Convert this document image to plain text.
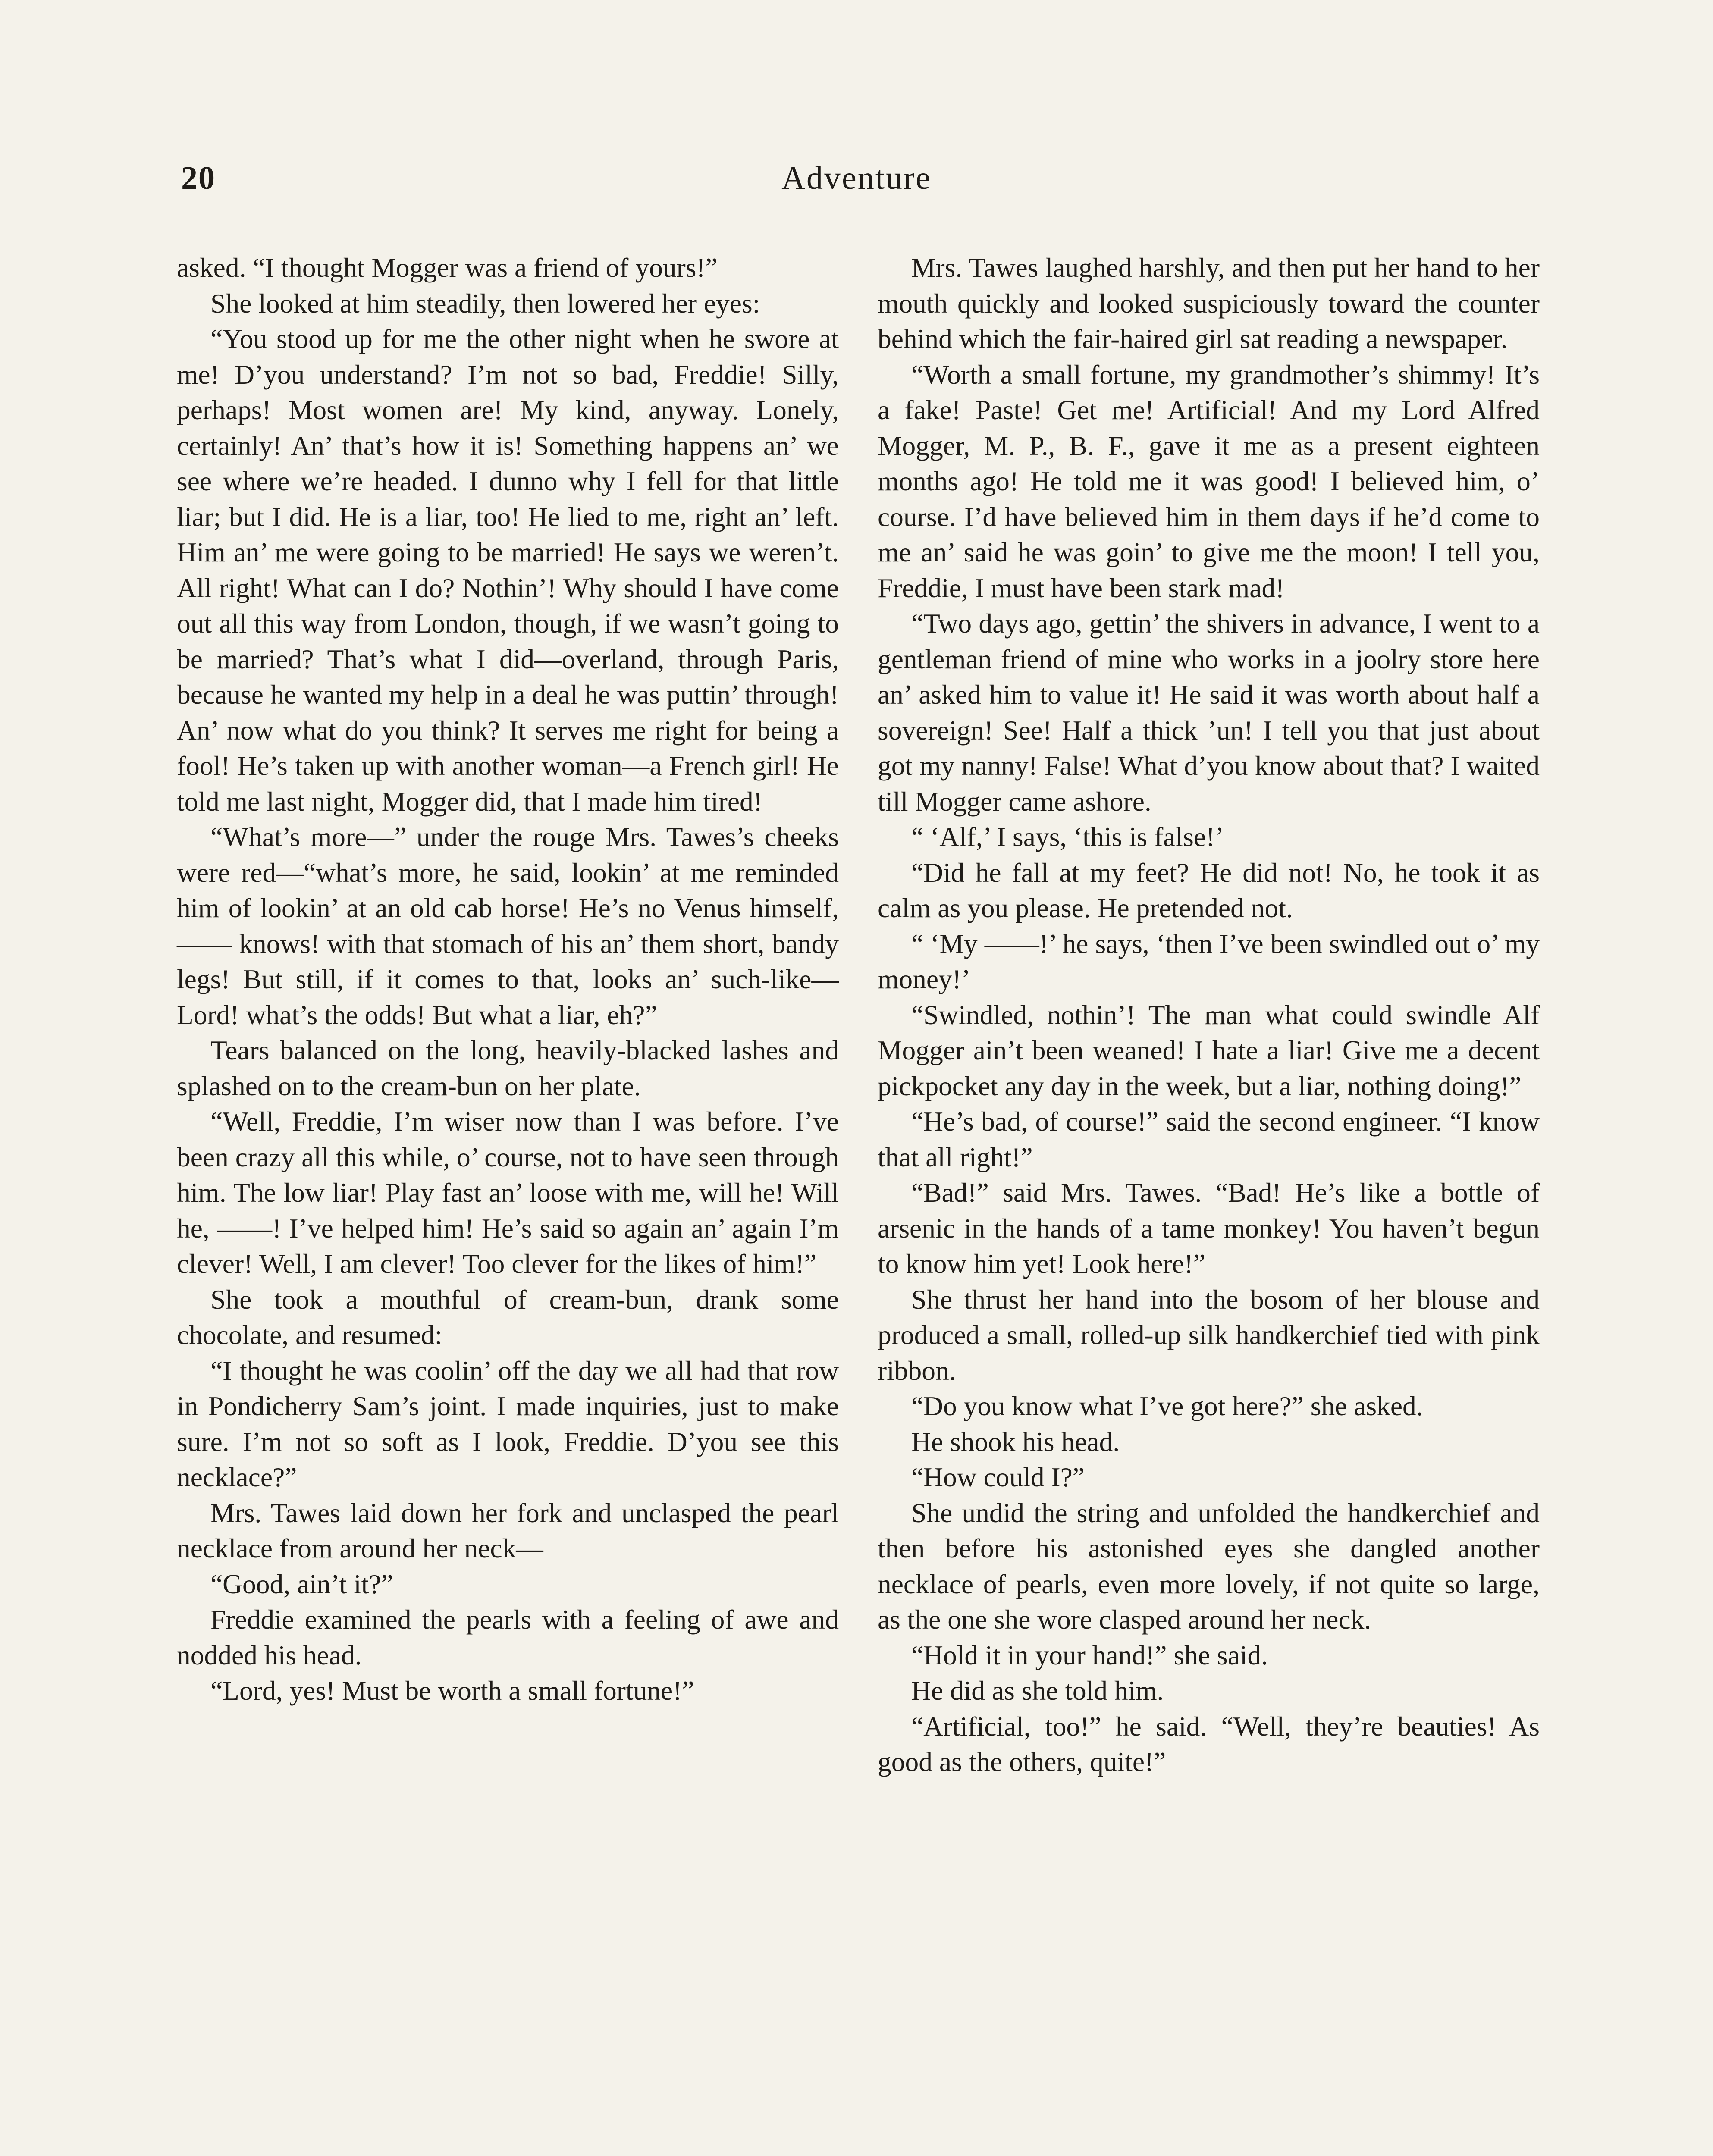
20	Adventure

asked. “I thought Mogger was a friend of yours!”

She looked at him steadily, then lowered her eyes:

“You stood up for me the other night when he swore at me! D’you understand? I’m not so bad, Freddie! Silly, perhaps! Most women are! My kind, anyway. Lonely, certainly! An’ that’s how it is! Something happens an’ we see where we’re headed. I dunno why I fell for that little liar; but I did. He is a liar, too! He lied to me, right an’ left. Him an’ me were going to be married! He says we weren’t. All right! What can I do? Nothin’! Why should I have come out all this way from London, though, if we wasn’t going to be married? That’s what I did—overland, through Paris, because he wanted my help in a deal he was puttin’ through! An’ now what do you think? It serves me right for being a fool! He’s taken up with another woman—a French girl! He told me last night, Mogger did, that I made him tired!

“What’s more—” under the rouge Mrs. Tawes’s cheeks were red—“what’s more, he said, lookin’ at me reminded him of lookin’ at an old cab horse! He’s no Venus himself, —— knows! with that stomach of his an’ them short, bandy legs! But still, if it comes to that, looks an’ such-like—Lord! what’s the odds! But what a liar, eh?”

Tears balanced on the long, heavily-blacked lashes and splashed on to the cream-bun on her plate.

“Well, Freddie, I’m wiser now than I was before. I’ve been crazy all this while, o’ course, not to have seen through him. The low liar! Play fast an’ loose with me, will he! Will he, ——! I’ve helped him! He’s said so again an’ again I’m clever! Well, I am clever! Too clever for the likes of him!”

She took a mouthful of cream-bun, drank some chocolate, and resumed:

“I thought he was coolin’ off the day we all had that row in Pondicherry Sam’s joint. I made inquiries, just to make sure. I’m not so soft as I look, Freddie. D’you see this necklace?”

Mrs. Tawes laid down her fork and unclasped the pearl necklace from around her neck—

“Good, ain’t it?”

Freddie examined the pearls with a feeling of awe and nodded his head.

“Lord, yes! Must be worth a small fortune!”

Mrs. Tawes laughed harshly, and then put her hand to her mouth quickly and looked suspiciously toward the counter behind which the fair-haired girl sat reading a newspaper.

“Worth a small fortune, my grandmother’s shimmy! It’s a fake! Paste! Get me! Artificial! And my Lord Alfred Mogger, M. P., B. F., gave it me as a present eighteen months ago! He told me it was good! I believed him, o’ course. I’d have believed him in them days if he’d come to me an’ said he was goin’ to give me the moon! I tell you, Freddie, I must have been stark mad!

“Two days ago, gettin’ the shivers in advance, I went to a gentleman friend of mine who works in a joolry store here an’ asked him to value it! He said it was worth about half a sovereign! See! Half a thick ’un! I tell you that just about got my nanny! False! What d’you know about that? I waited till Mogger came ashore.

“ ‘Alf,’ I says, ‘this is false!’

“Did he fall at my feet? He did not! No, he took it as calm as you please. He pretended not.

“ ‘My ——!’ he says, ‘then I’ve been swindled out o’ my money!’

“Swindled, nothin’! The man what could swindle Alf Mogger ain’t been weaned! I hate a liar! Give me a decent pickpocket any day in the week, but a liar, nothing doing!”

“He’s bad, of course!” said the second engineer. “I know that all right!”

“Bad!” said Mrs. Tawes. “Bad! He’s like a bottle of arsenic in the hands of a tame monkey! You haven’t begun to know him yet! Look here!”

She thrust her hand into the bosom of her blouse and produced a small, rolled-up silk handkerchief tied with pink ribbon.

“Do you know what I’ve got here?” she asked.

He shook his head.

“How could I?”

She undid the string and unfolded the handkerchief and then before his astonished eyes she dangled another necklace of pearls, even more lovely, if not quite so large, as the one she wore clasped around her neck.

“Hold it in your hand!” she said.

He did as she told him.

“Artificial, too!” he said. “Well, they’re beauties! As good as the others, quite!”
